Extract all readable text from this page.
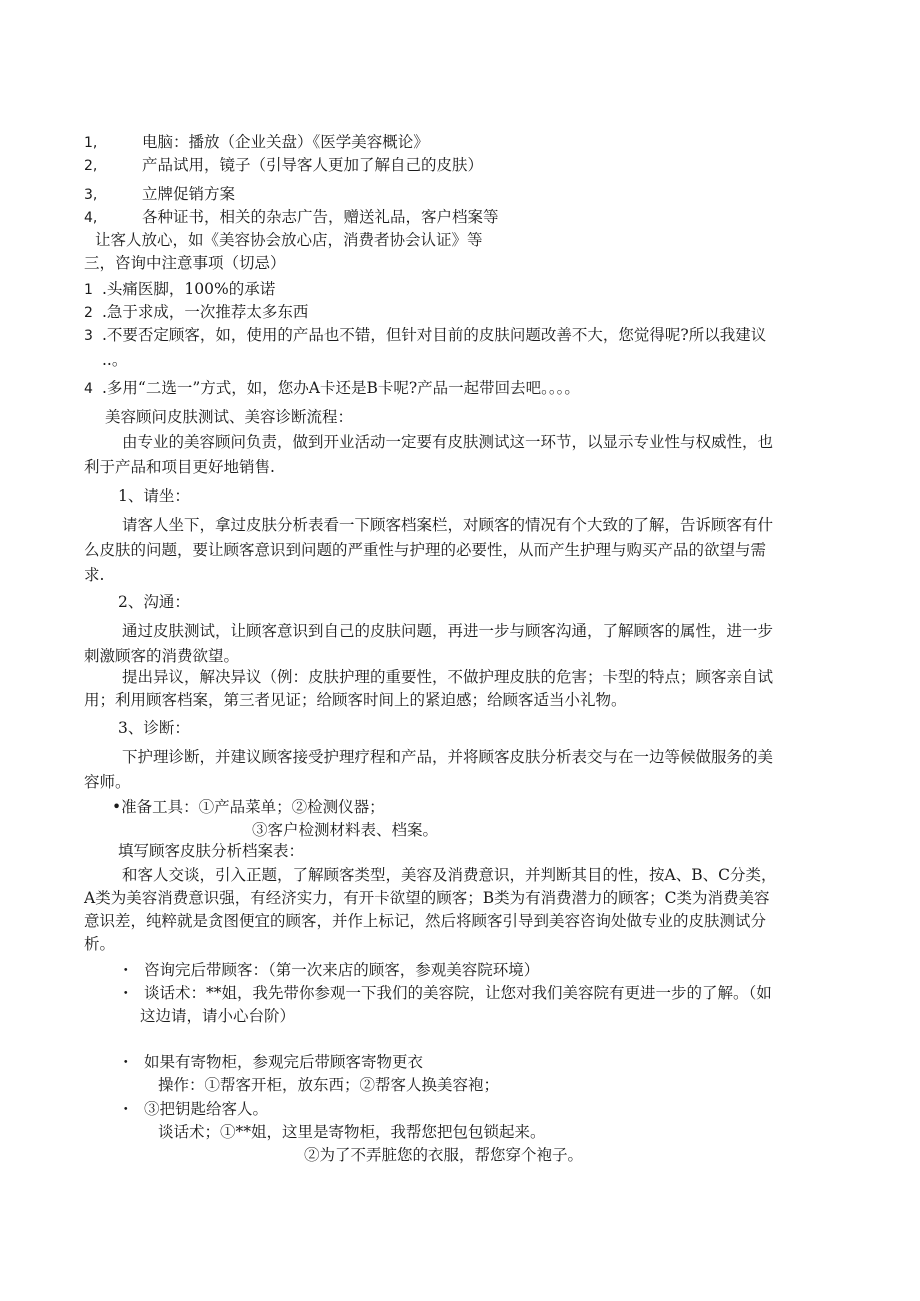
1,	电脑：播放（企业关盘）《医学美容概论》
2,	产品试用，镜子（引导客人更加了解自己的皮肤）
3,	立牌促销方案
4,	各种证书，相关的杂志广告，赠送礼品，客户档案等
让客人放心，如《美容协会放心店，消费者协会认证》等
三，咨询中注意事项（切忌）
1 .头痛医脚，100%的承诺
2 .急于求成，一次推荐太多东西
3 .不要否定顾客，如，使用的产品也不错，但针对目前的皮肤问题改善不大，您觉得呢?所以我建议
..。
4 .多用“二选一”方式，如，您办A卡还是B卡呢?产品一起带回去吧。。。。
美容顾问皮肤测试、美容诊断流程：
由专业的美容顾问负责，做到开业活动一定要有皮肤测试这一环节，以显示专业性与权威性，也
利于产品和项目更好地销售.
1、请坐：
请客人坐下，拿过皮肤分析表看一下顾客档案栏，对顾客的情况有个大致的了解，告诉顾客有什
么皮肤的问题，要让顾客意识到问题的严重性与护理的必要性，从而产生护理与购买产品的欲望与需
求.
2、沟通：
通过皮肤测试，让顾客意识到自己的皮肤问题，再进一步与顾客沟通，了解顾客的属性，进一步
刺激顾客的消费欲望。
提出异议，解决异议（例：皮肤护理的重要性，不做护理皮肤的危害；卡型的特点；顾客亲自试
用；利用顾客档案，第三者见证；给顾客时间上的紧迫感；给顾客适当小礼物。
3、诊断：
下护理诊断，并建议顾客接受护理疗程和产品，并将顾客皮肤分析表交与在一边等候做服务的美
容师。
•准备工具：①产品菜单；②检测仪器；
③客户检测材料表、档案。
填写顾客皮肤分析档案表：
和客人交谈，引入正题，了解顾客类型，美容及消费意识，并判断其目的性，按A、B、C分类，
A类为美容消费意识强，有经济实力，有开卡欲望的顾客；B类为有消费潜力的顾客；C类为消费美容
意识差，纯粹就是贪图便宜的顾客，并作上标记，然后将顾客引导到美容咨询处做专业的皮肤测试分
析。
・ 咨询完后带顾客：（第一次来店的顾客，参观美容院环境）
・ 谈话术：**姐，我先带你参观一下我们的美容院，让您对我们美容院有更进一步的了解。（如
这边请，请小心台阶）
・ 如果有寄物柜，参观完后带顾客寄物更衣
操作：①帮客开柜，放东西；②帮客人换美容袍；
・ ③把钥匙给客人。
谈话术；①**姐，这里是寄物柜，我帮您把包包锁起来。
②为了不弄脏您的衣服，帮您穿个袍子。
